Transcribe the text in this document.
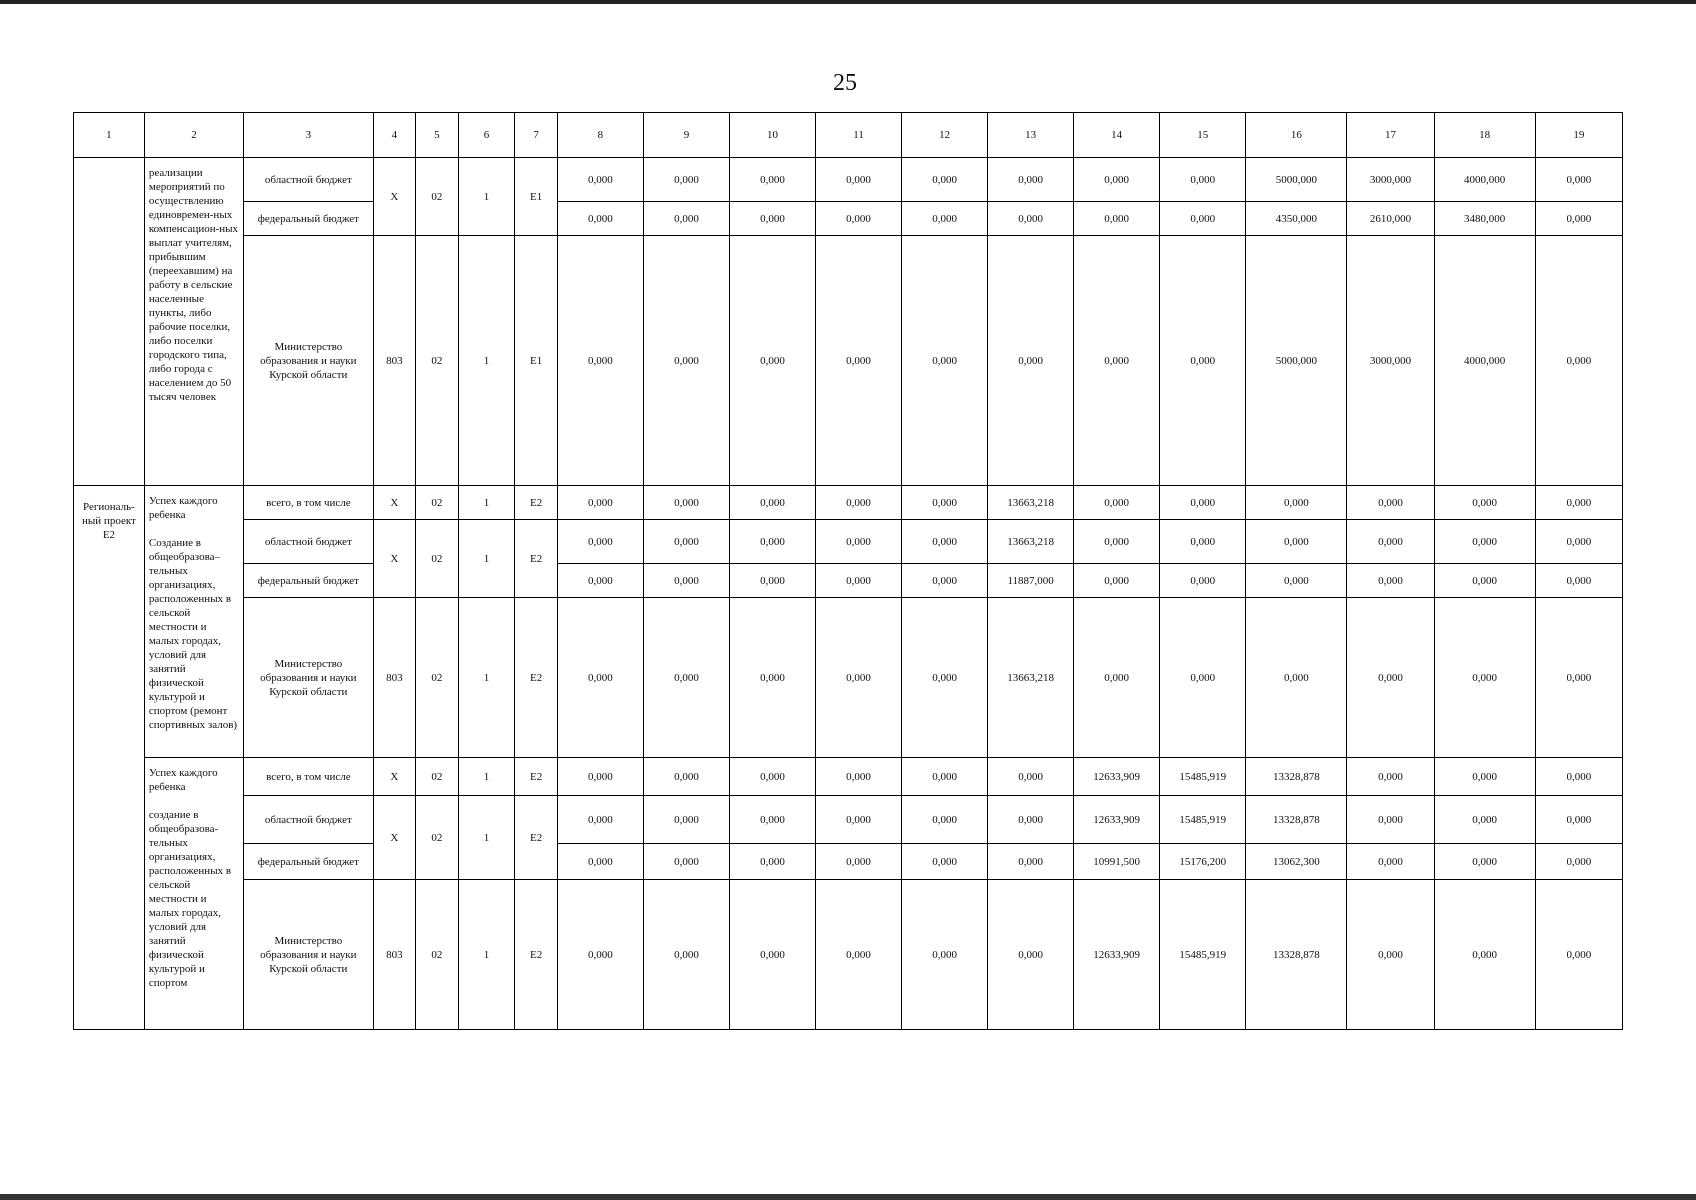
25
1	2	3	4	5	6	7	8	9	10	11	12	13	14	15	16	17	18	19

	реализации мероприятий по осуществлению единовремен-ных компенсацион-ных выплат учителям, прибывшим (переехавшим) на работу в сельские населенные пункты, либо рабочие поселки, либо поселки городского типа, либо города с населением до 50 тысяч человек	областной бюджет	X	02	1	E1	0,000	0,000	0,000	0,000	0,000	0,000	0,000	0,000	5000,000	3000,000	4000,000	0,000
		федеральный бюджет					0,000	0,000	0,000	0,000	0,000	0,000	0,000	0,000	4350,000	2610,000	3480,000	0,000
		Министерство образования и науки Курской области	803	02	1	E1	0,000	0,000	0,000	0,000	0,000	0,000	0,000	0,000	5000,000	3000,000	4000,000	0,000
Региональ-ный проект E2	Успех каждого ребенка
Создание в общеобразова–тельных организациях, расположенных в сельской местности и малых городах, условий для занятий физической культурой и спортом (ремонт спортивных залов)	всего, в том числе	X	02	1	E2	0,000	0,000	0,000	0,000	0,000	13663,218	0,000	0,000	0,000	0,000	0,000	0,000
		областной бюджет	X	02	1	E2	0,000	0,000	0,000	0,000	0,000	13663,218	0,000	0,000	0,000	0,000	0,000	0,000
		федеральный бюджет					0,000	0,000	0,000	0,000	0,000	11887,000	0,000	0,000	0,000	0,000	0,000	0,000
		Министерство образования и науки Курской области	803	02	1	E2	0,000	0,000	0,000	0,000	0,000	13663,218	0,000	0,000	0,000	0,000	0,000	0,000

	Успех каждого ребенка
создание в общеобразова-тельных организациях, расположенных в сельской местности и малых городах, условий для занятий физической культурой и спортом	всего, в том числе	X	02	1	E2	0,000	0,000	0,000	0,000	0,000	0,000	12633,909	15485,919	13328,878	0,000	0,000	0,000
		областной бюджет	X	02	1	E2	0,000	0,000	0,000	0,000	0,000	0,000	12633,909	15485,919	13328,878	0,000	0,000	0,000
		федеральный бюджет					0,000	0,000	0,000	0,000	0,000	0,000	10991,500	15176,200	13062,300	0,000	0,000	0,000
		Министерство образования и науки Курской области	803	02	1	E2	0,000	0,000	0,000	0,000	0,000	0,000	12633,909	15485,919	13328,878	0,000	0,000	0,000
